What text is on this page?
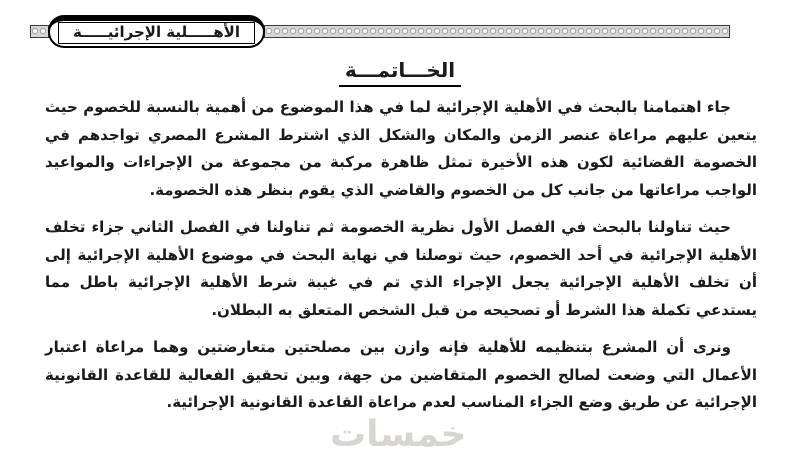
الأهـــــلية الإجرائيـــــة
الخـــاتمـــة
خمسات

جاء اهتمامنا بالبحث في الأهلية الإجرائية لما في هذا الموضوع من أهمية بالنسبة للخصوم حيث يتعين عليهم مراعاة عنصر الزمن والمكان والشكل الذي اشترط المشرع المصري تواجدهم في الخصومة القضائية لكون هذه الأخيرة تمثل ظاهرة مركبة من مجموعة من الإجراءات والمواعيد الواجب مراعاتها من جانب كل من الخصوم والقاضي الذي يقوم بنظر هذه الخصومة.

حيث تناولنا بالبحث في الفصل الأول نظرية الخصومة ثم تناولنا في الفصل الثاني جزاء تخلف الأهلية الإجرائية في أحد الخصوم، حيث توصلنا في نهاية البحث في موضوع الأهلية الإجرائية إلى أن تخلف الأهلية الإجرائية يجعل الإجراء الذي تم في غيبة شرط الأهلية الإجرائية باطل مما يستدعي تكملة هذا الشرط أو تصحيحه من قبل الشخص المتعلق به البطلان.

ونرى أن المشرع بتنظيمه للأهلية فإنه وازن بين مصلحتين متعارضتين وهما مراعاة اعتبار الأعمال التي وضعت لصالح الخصوم المتقاضين من جهة، وبين تحقيق الفعالية للقاعدة القانونية الإجرائية عن طريق وضع الجزاء المناسب لعدم مراعاة القاعدة القانونية الإجرائية.
